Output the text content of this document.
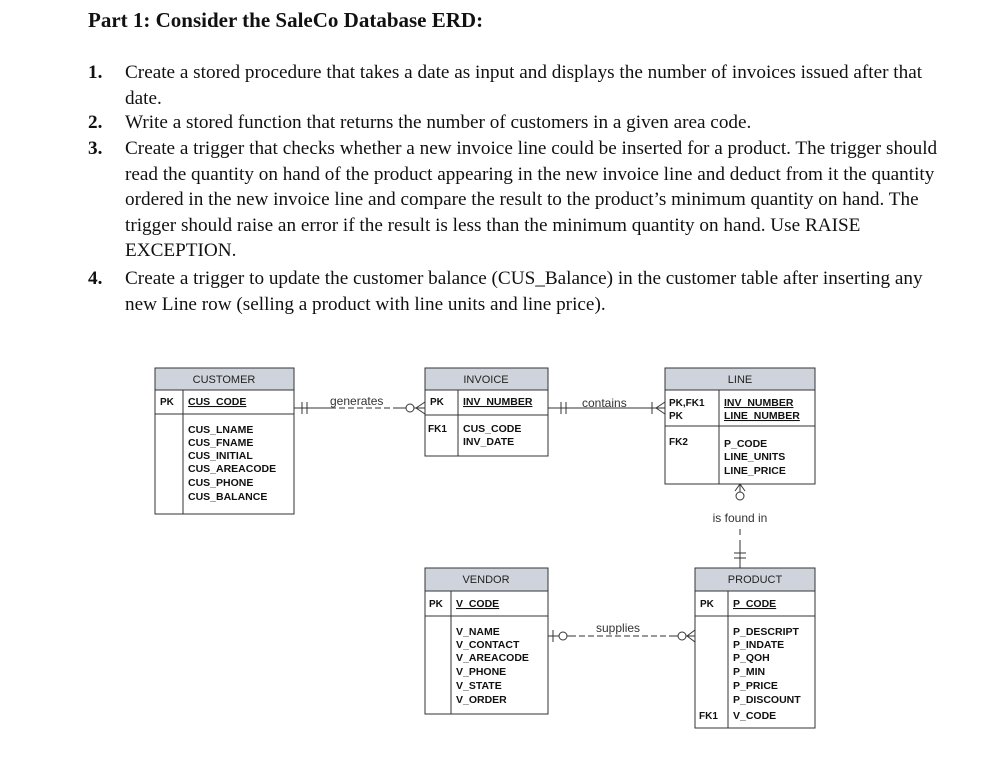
Part 1: Consider the SaleCo Database ERD:
1. Create a stored procedure that takes a date as input and displays the number of invoices issued after that date.
2. Write a stored function that returns the number of customers in a given area code.
3. Create a trigger that checks whether a new invoice line could be inserted for a product. The trigger should read the quantity on hand of the product appearing in the new invoice line and deduct from it the quantity ordered in the new invoice line and compare the result to the product’s minimum quantity on hand. The trigger should raise an error if the result is less than the minimum quantity on hand. Use RAISE EXCEPTION.
4. Create a trigger to update the customer balance (CUS_Balance) in the customer table after inserting any new Line row (selling a product with line units and line price).
CUSTOMER
PK CUS_CODE
CUS_LNAME
CUS_FNAME
CUS_INITIAL
CUS_AREACODE
CUS_PHONE
CUS_BALANCE
INVOICE
PK INV_NUMBER
FK1 CUS_CODE
INV_DATE
LINE
PK,FK1
PK
INV_NUMBER
LINE_NUMBER
FK2	P_CODE
LINE_UNITS
LINE_PRICE
VENDOR
PK V_CODE
V_NAME
V_CONTACT
V_AREACODE
V_PHONE
V_STATE
V_ORDER
PRODUCT
PK P_CODE
P_DESCRIPT
P_INDATE
P_QOH
P_MIN
P_PRICE
P_DISCOUNT
FK1 V_CODE
generates	contains
is found in
supplies
